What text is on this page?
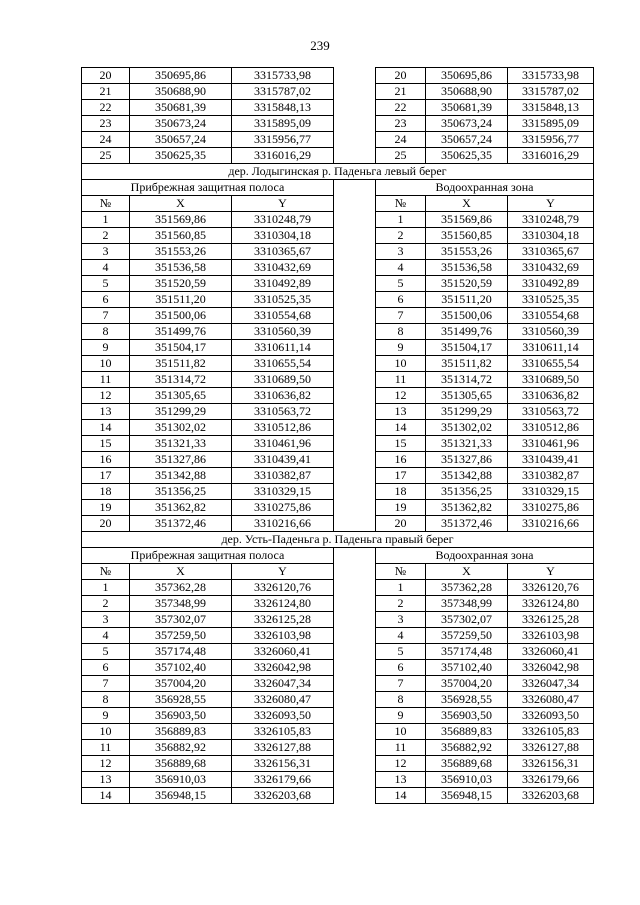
239
20	350695,86	3315733,98		20	350695,86	3315733,98
21	350688,90	3315787,02		21	350688,90	3315787,02
22	350681,39	3315848,13		22	350681,39	3315848,13
23	350673,24	3315895,09		23	350673,24	3315895,09
24	350657,24	3315956,77		24	350657,24	3315956,77
25	350625,35	3316016,29		25	350625,35	3316016,29
дер. Лодыгинская р. Паденьга левый берег						
Прибрежная защитная полоса				Водоохранная зона		
№	X	Y		№	X	Y
1	351569,86	3310248,79		1	351569,86	3310248,79
2	351560,85	3310304,18		2	351560,85	3310304,18
3	351553,26	3310365,67		3	351553,26	3310365,67
4	351536,58	3310432,69		4	351536,58	3310432,69
5	351520,59	3310492,89		5	351520,59	3310492,89
6	351511,20	3310525,35		6	351511,20	3310525,35
7	351500,06	3310554,68		7	351500,06	3310554,68
8	351499,76	3310560,39		8	351499,76	3310560,39
9	351504,17	3310611,14		9	351504,17	3310611,14
10	351511,82	3310655,54		10	351511,82	3310655,54
11	351314,72	3310689,50		11	351314,72	3310689,50
12	351305,65	3310636,82		12	351305,65	3310636,82
13	351299,29	3310563,72		13	351299,29	3310563,72
14	351302,02	3310512,86		14	351302,02	3310512,86
15	351321,33	3310461,96		15	351321,33	3310461,96
16	351327,86	3310439,41		16	351327,86	3310439,41
17	351342,88	3310382,87		17	351342,88	3310382,87
18	351356,25	3310329,15		18	351356,25	3310329,15
19	351362,82	3310275,86		19	351362,82	3310275,86
20	351372,46	3310216,66		20	351372,46	3310216,66
дер. Усть-Паденьга р. Паденьга правый берег						
Прибрежная защитная полоса				Водоохранная зона		
№	X	Y		№	X	Y
1	357362,28	3326120,76		1	357362,28	3326120,76
2	357348,99	3326124,80		2	357348,99	3326124,80
3	357302,07	3326125,28		3	357302,07	3326125,28
4	357259,50	3326103,98		4	357259,50	3326103,98
5	357174,48	3326060,41		5	357174,48	3326060,41
6	357102,40	3326042,98		6	357102,40	3326042,98
7	357004,20	3326047,34		7	357004,20	3326047,34
8	356928,55	3326080,47		8	356928,55	3326080,47
9	356903,50	3326093,50		9	356903,50	3326093,50
10	356889,83	3326105,83		10	356889,83	3326105,83
11	356882,92	3326127,88		11	356882,92	3326127,88
12	356889,68	3326156,31		12	356889,68	3326156,31
13	356910,03	3326179,66		13	356910,03	3326179,66
14	356948,15	3326203,68		14	356948,15	3326203,68
